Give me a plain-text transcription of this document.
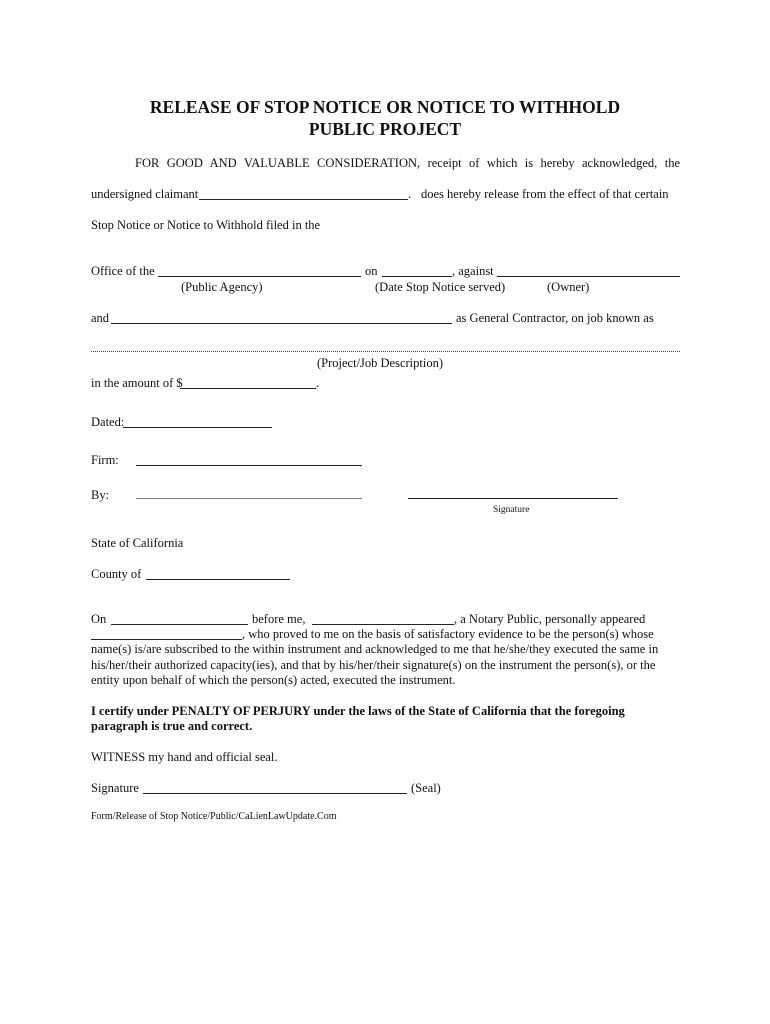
RELEASE OF STOP NOTICE OR NOTICE TO WITHHOLD
PUBLIC PROJECT
FOR GOOD AND VALUABLE CONSIDERATION, receipt of which is hereby acknowledged, the
undersigned claimant	. does hereby release from the effect of that certain
Stop Notice or Notice to Withhold filed in the
Office of the	on	, against
(Public Agency)	(Date Stop Notice served)	(Owner)
and	as General Contractor, on job known as
(Project/Job Description)
in the amount of $	.
Dated:
Firm:
By:
Signature
State of California
County of
On	before me,	, a Notary Public, personally appeared
, who proved to me on the basis of satisfactory evidence to be the person(s) whose
name(s) is/are subscribed to the within instrument and acknowledged to me that he/she/they executed the same in
his/her/their authorized capacity(ies), and that by his/her/their signature(s) on the instrument the person(s), or the
entity upon behalf of which the person(s) acted, executed the instrument.
I certify under PENALTY OF PERJURY under the laws of the State of California that the foregoing
paragraph is true and correct.
WITNESS my hand and official seal.
Signature	(Seal)
Form/Release of Stop Notice/Public/CaLienLawUpdate.Com
